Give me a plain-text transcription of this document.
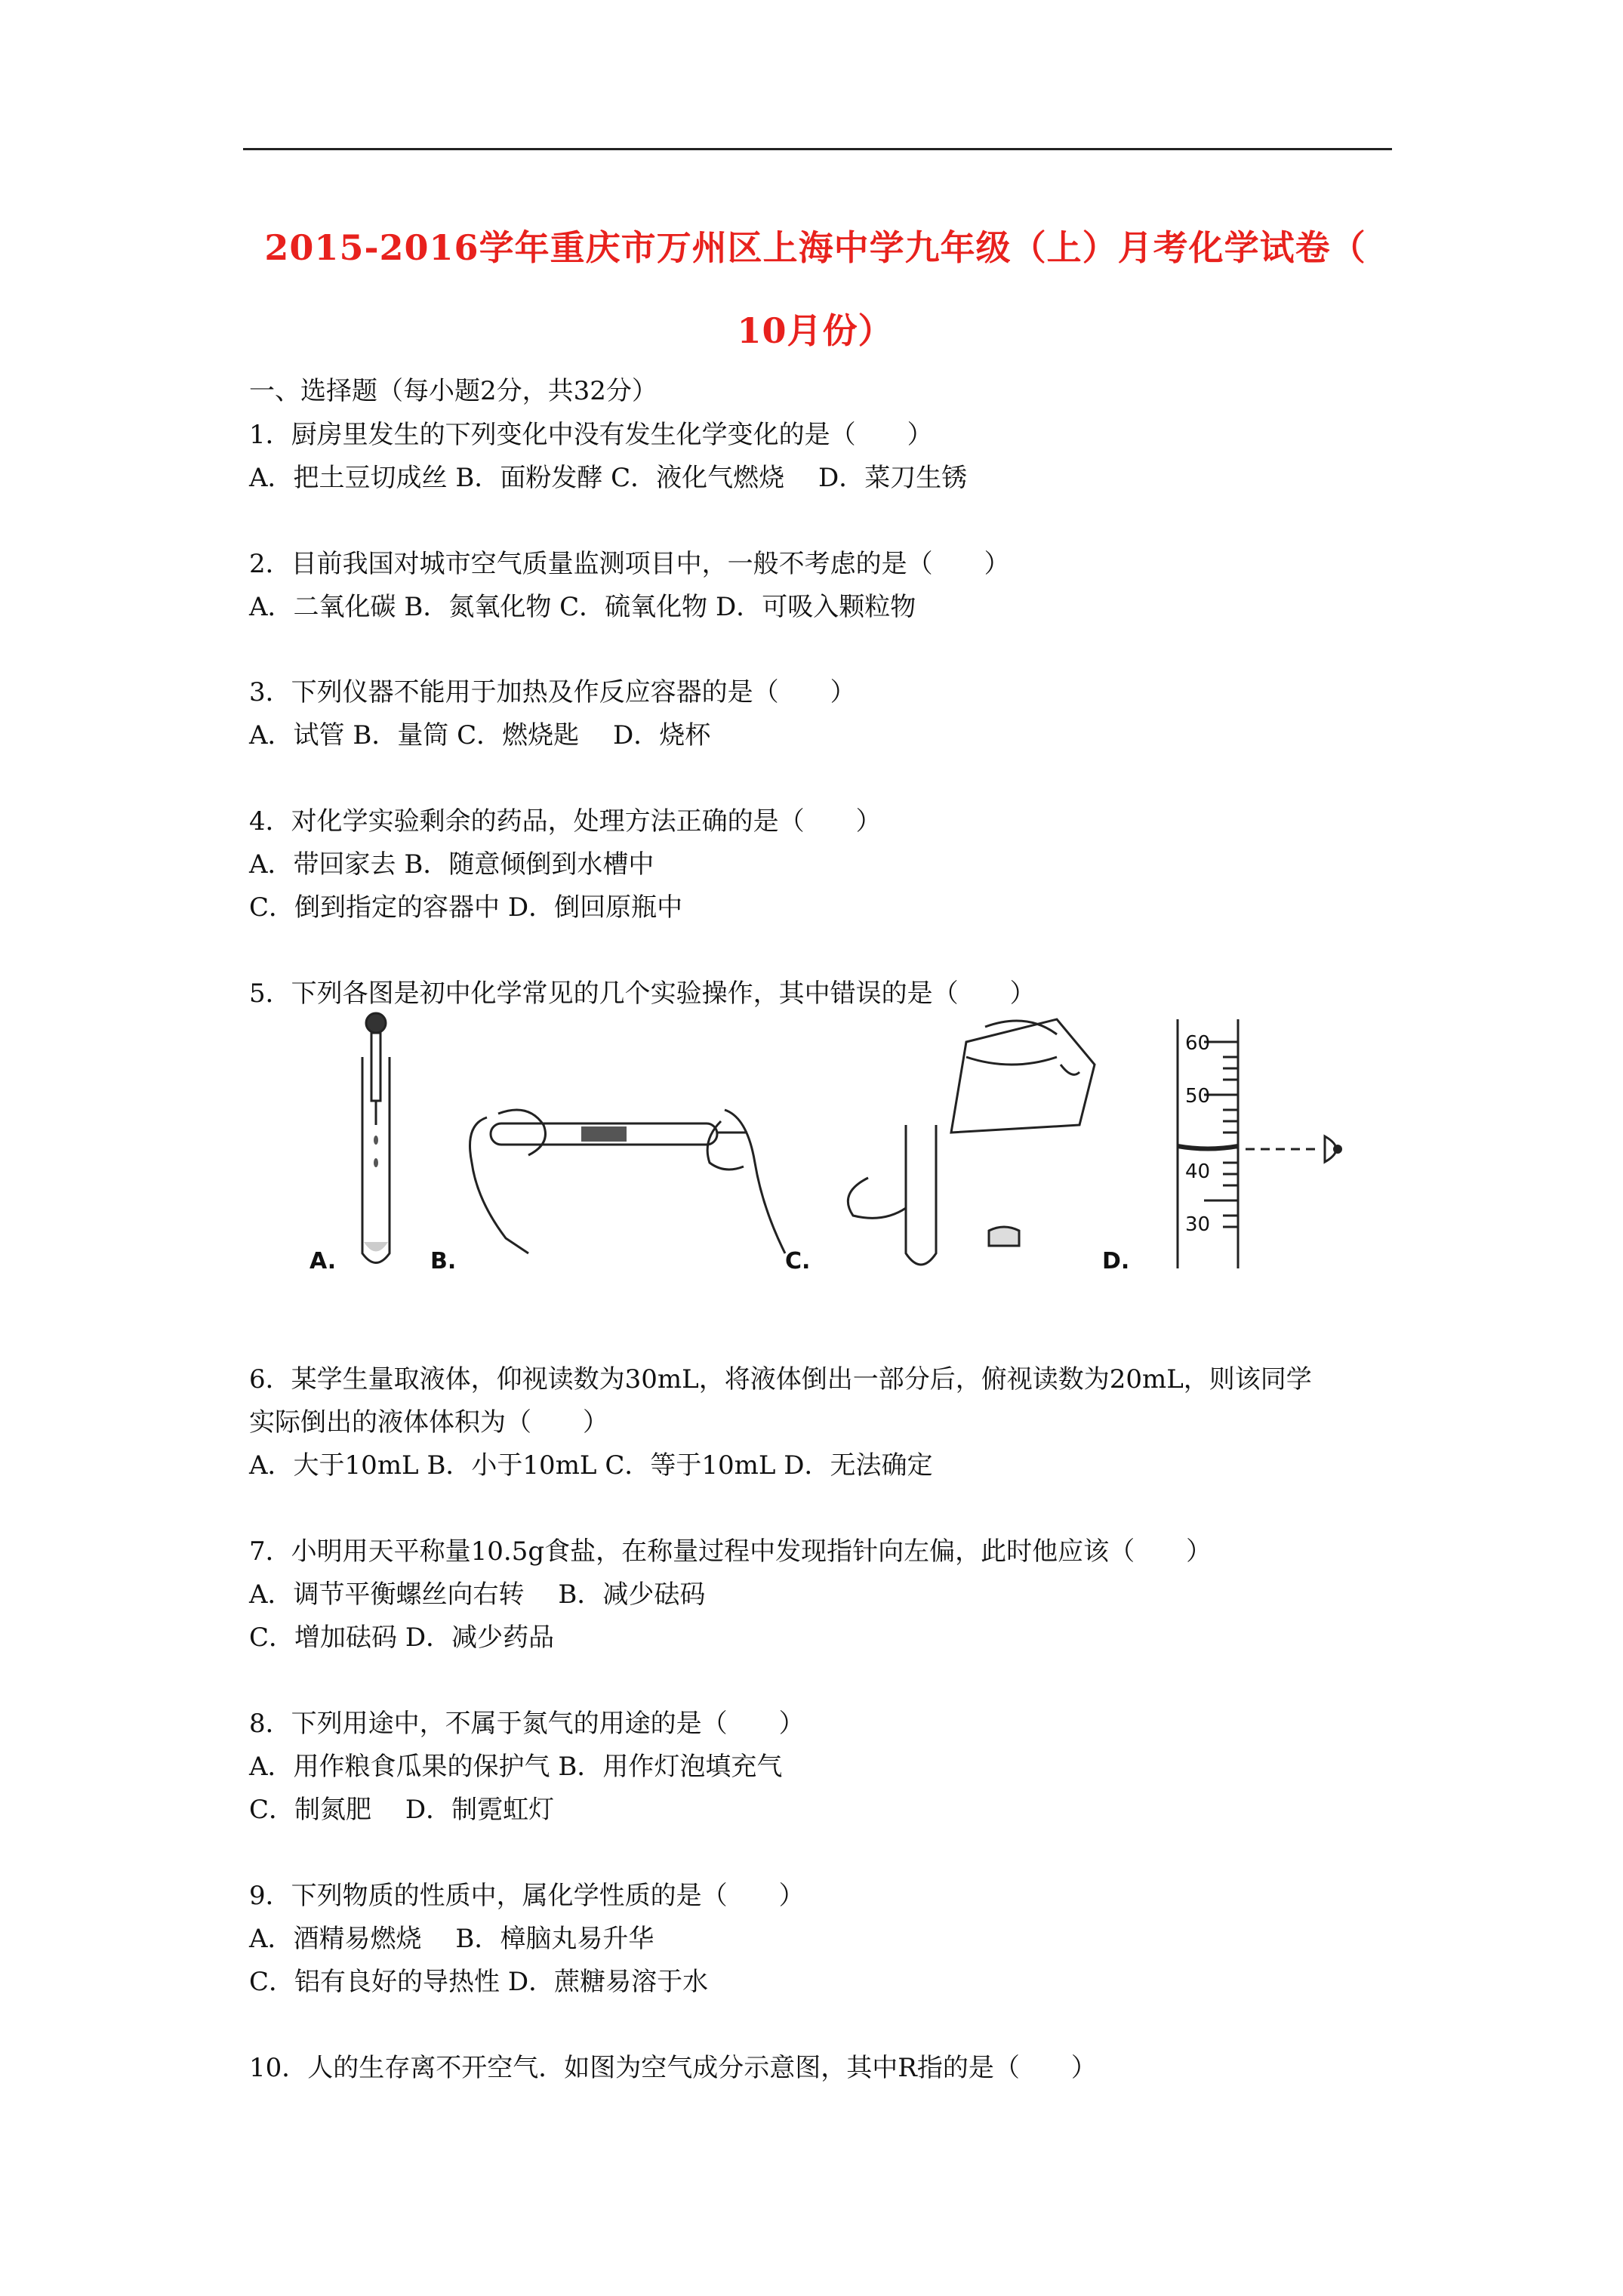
2015-2016学年重庆市万州区上海中学九年级（上）月考化学试卷（
10月份）
一、选择题（每小题2分，共32分）
1．厨房里发生的下列变化中没有发生化学变化的是（　　）
A．把土豆切成丝 B．面粉发酵 C．液化气燃烧　 D．菜刀生锈
2．目前我国对城市空气质量监测项目中，一般不考虑的是（　　）
A．二氧化碳 B．氮氧化物 C．硫氧化物 D．可吸入颗粒物
3．下列仪器不能用于加热及作反应容器的是（　　）
A．试管 B．量筒 C．燃烧匙　 D．烧杯
4．对化学实验剩余的药品，处理方法正确的是（　　）
A．带回家去 B．随意倾倒到水槽中
C．倒到指定的容器中 D．倒回原瓶中
5．下列各图是初中化学常见的几个实验操作，其中错误的是（　　）
A.	B.	C.
60
50
40
30
D.
6．某学生量取液体，仰视读数为30mL，将液体倒出一部分后，俯视读数为20mL，则该同学
实际倒出的液体体积为（　　）
A．大于10mL B．小于10mL C．等于10mL D．无法确定
7．小明用天平称量10.5g食盐，在称量过程中发现指针向左偏，此时他应该（　　）
A．调节平衡螺丝向右转　 B．减少砝码
C．增加砝码 D．减少药品
8．下列用途中，不属于氮气的用途的是（　　）
A．用作粮食瓜果的保护气 B．用作灯泡填充气
C．制氮肥　 D．制霓虹灯
9．下列物质的性质中，属化学性质的是（　　）
A．酒精易燃烧　 B．樟脑丸易升华
C．铝有良好的导热性 D．蔗糖易溶于水
10．人的生存离不开空气．如图为空气成分示意图，其中R指的是（　　）
